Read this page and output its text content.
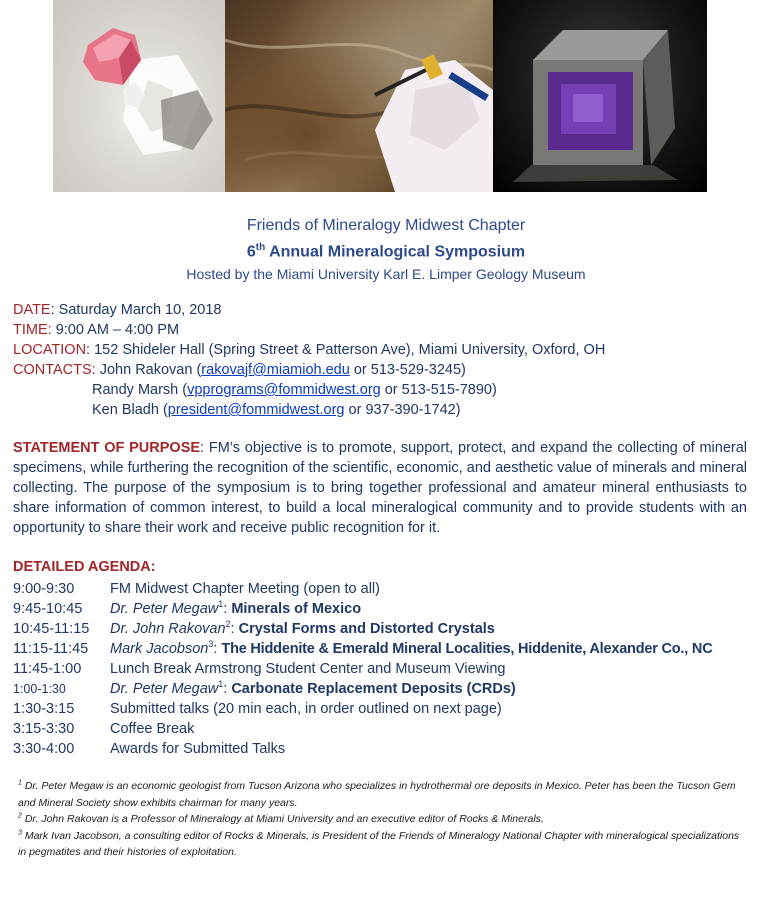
Friends of Mineralogy Midwest Chapter
6th Annual Mineralogical Symposium
Hosted by the Miami University Karl E. Limper Geology Museum
DATE: Saturday March 10, 2018
TIME: 9:00 AM – 4:00 PM
LOCATION: 152 Shideler Hall (Spring Street & Patterson Ave), Miami University, Oxford, OH
CONTACTS: John Rakovan (rakovajf@miamioh.edu or 513-529-3245)
Randy Marsh (vpprograms@fommidwest.org or 513-515-7890)
Ken Bladh (president@fommidwest.org or 937-390-1742)
STATEMENT OF PURPOSE: FM’s objective is to promote, support, protect, and expand the collecting of mineral specimens, while furthering the recognition of the scientific, economic, and aesthetic value of minerals and mineral collecting. The purpose of the symposium is to bring together professional and amateur mineral enthusiasts to share information of common interest, to build a local mineralogical community and to provide students with an opportunity to share their work and receive public recognition for it.
DETAILED AGENDA:
9:00-9:30	FM Midwest Chapter Meeting (open to all)
9:45-10:45	Dr. Peter Megaw$^1$: Minerals of Mexico
10:45-11:15	Dr. John Rakovan$^2$: Crystal Forms and Distorted Crystals
11:15-11:45	Mark Jacobson$^3$: The Hiddenite & Emerald Mineral Localities, Hiddenite, Alexander Co., NC
11:45-1:00	Lunch Break Armstrong Student Center and Museum Viewing
1:00-1:30	Dr. Peter Megaw$^1$: Carbonate Replacement Deposits (CRDs)
1:30-3:15	Submitted talks (20 min each, in order outlined on next page)
3:15-3:30	Coffee Break
3:30-4:00	Awards for Submitted Talks
$^1$ Dr. Peter Megaw is an economic geologist from Tucson Arizona who specializes in hydrothermal ore deposits in Mexico. Peter has been the Tucson Gem and Mineral Society show exhibits chairman for many years.
$^2$ Dr. John Rakovan is a Professor of Mineralogy at Miami University and an executive editor of Rocks & Minerals.
$^3$ Mark Ivan Jacobson, a consulting editor of Rocks & Minerals, is President of the Friends of Mineralogy National Chapter with mineralogical specializations in pegmatites and their histories of exploitation.
